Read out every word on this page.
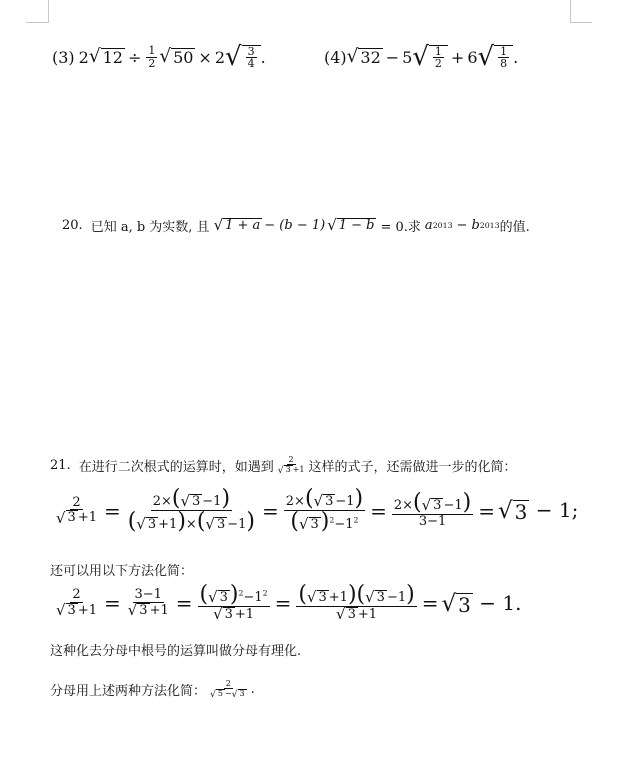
(3) 2 √ $12 \div \frac{1}{2}$ √ 50 × 2 √ $\frac{3}{4}$ .	(4) √ 32 − 5 √ $\frac{1}{2} + 6$ √ $\frac{1}{8}$ .
20. 已知 a, b 为实数, 且 √ 1 + a − (b − 1) √ 1 − b = 0.求 a 2013 − b 2013 的值.
21. 在进行二次根式的运算时，如遇到 $\frac{2}{√ 3 +1}$ 这样的式子，还需做进一步的化简：
$\frac{2}{√ 3 +1} = \frac{2\times( √ 3 -1)}{( √ 3 +1)\times( √ 3 -1)} = \frac{2\times( √ 3 -1)}{( √ 3 )^2-1^2} = \frac{2\times( √ 3 -1)}{3-1}$ = √ 3 − 1;
还可以用以下方法化简：
$\frac{2}{√ 3 +1} = \frac{3-1}{√ 3 +1} = \frac{( √ 3 )^2-1^2}{√ 3 +1} = \frac{( √ 3 +1)( √ 3 -1)}{√ 3 +1}$ = √ 3 − 1.
这种化去分母中根号的运算叫做分母有理化.
分母用上述两种方法化简： $\frac{2}{√ 5 - √ 3}$ .
